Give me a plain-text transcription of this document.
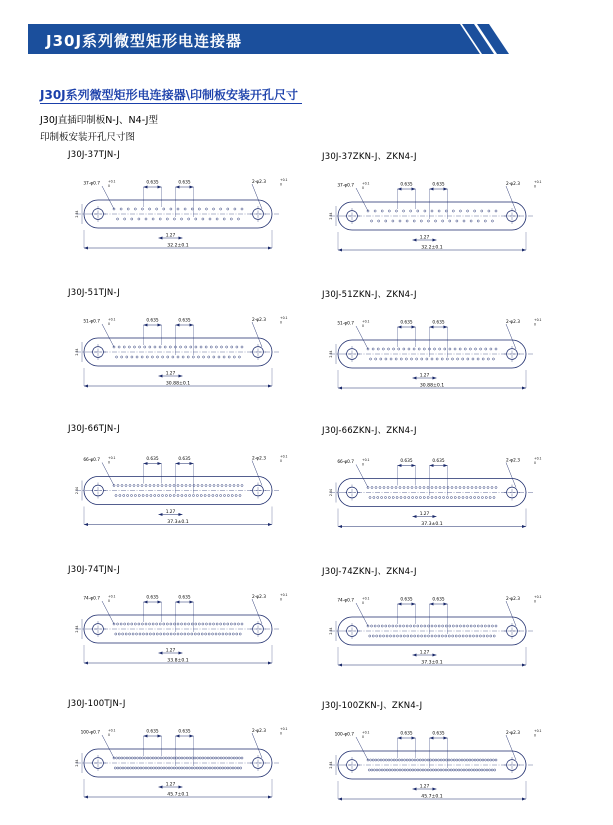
J30J系列微型矩形电连接器
J30J系列微型矩形电连接器\印制板安装开孔尺寸
J30J直插印制板N-J、N4-J型
印制板安装开孔尺寸图
J30J-37TJN-J
37-φ0.7	+0.1
0
2-φ2.3	+0.1
0
0.635	0.635
1.27
32.2±0.1
2.54
J30J-37ZKN-J、ZKN4-J
37-φ0.7	+0.1
0
2-φ2.3	+0.1
0
0.635	0.635
1.27
32.2±0.1
2.54
J30J-51TJN-J
51-φ0.7	+0.1
0
2-φ2.3	+0.1
0
0.635	0.635
1.27
30.88±0.1
2.54
J30J-51ZKN-J、ZKN4-J
51-φ0.7	+0.1
0
2-φ2.3	+0.1
0
0.635	0.635
1.27
30.88±0.1
2.54
J30J-66TJN-J
66-φ0.7	+0.1
0
2-φ2.3	+0.1
0
0.635	0.635
1.27
37.3±0.1
2.54
J30J-66ZKN-J、ZKN4-J
66-φ0.7	+0.1
0
2-φ2.3	+0.1
0
0.635	0.635
1.27
37.3±0.1
2.54
J30J-74TJN-J
74-φ0.7	+0.1
0
2-φ2.3	+0.1
0
0.635	0.635
1.27
33.8±0.1
2.54
J30J-74ZKN-J、ZKN4-J
74-φ0.7	+0.1
0
2-φ2.3	+0.1
0
0.635	0.635
1.27
37.3±0.1
2.54
J30J-100TJN-J
100-φ0.7	+0.1
0
2-φ2.3	+0.1
0
0.635	0.635
1.27
45.7±0.1
2.54
J30J-100ZKN-J、ZKN4-J
100-φ0.7	+0.1
0
2-φ2.3	+0.1
0
0.635	0.635
1.27
45.7±0.1
2.54
